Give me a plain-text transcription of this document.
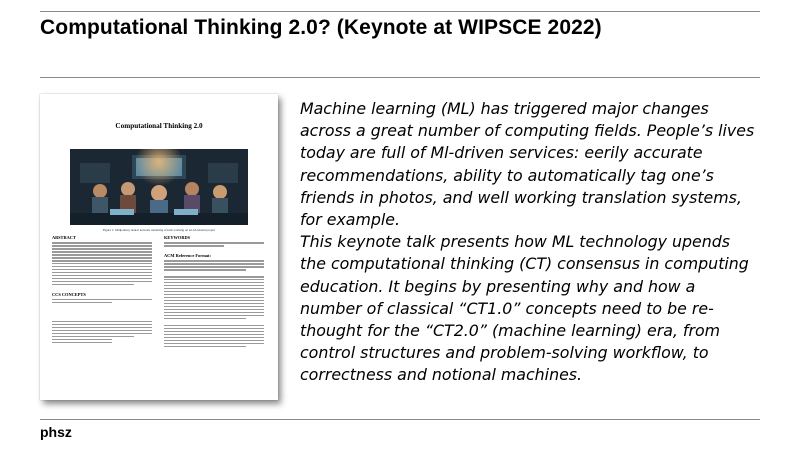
Computational Thinking 2.0? (Keynote at WIPSCE 2022)
Computational Thinking 2.0
Figure 1: Midjourney neural network rendering of kids working on an AI-related project
ABSTRACT
CCS CONCEPTS
KEYWORDS
ACM Reference Format:

Machine learning (ML) has triggered major changes across a great number of computing fields. People’s lives today are full of Ml-driven services: eerily accurate recommendations, ability to automatically tag one’s friends in photos, and well working translation systems, for example.

This keynote talk presents how ML technology upends the computational thinking (CT) consensus in computing education. It begins by presenting why and how a number of classical “CT1.0” concepts need to be re-thought for the “CT2.0” (machine learning) era, from control structures and problem-solving workflow, to correctness and notional machines.

phsz
